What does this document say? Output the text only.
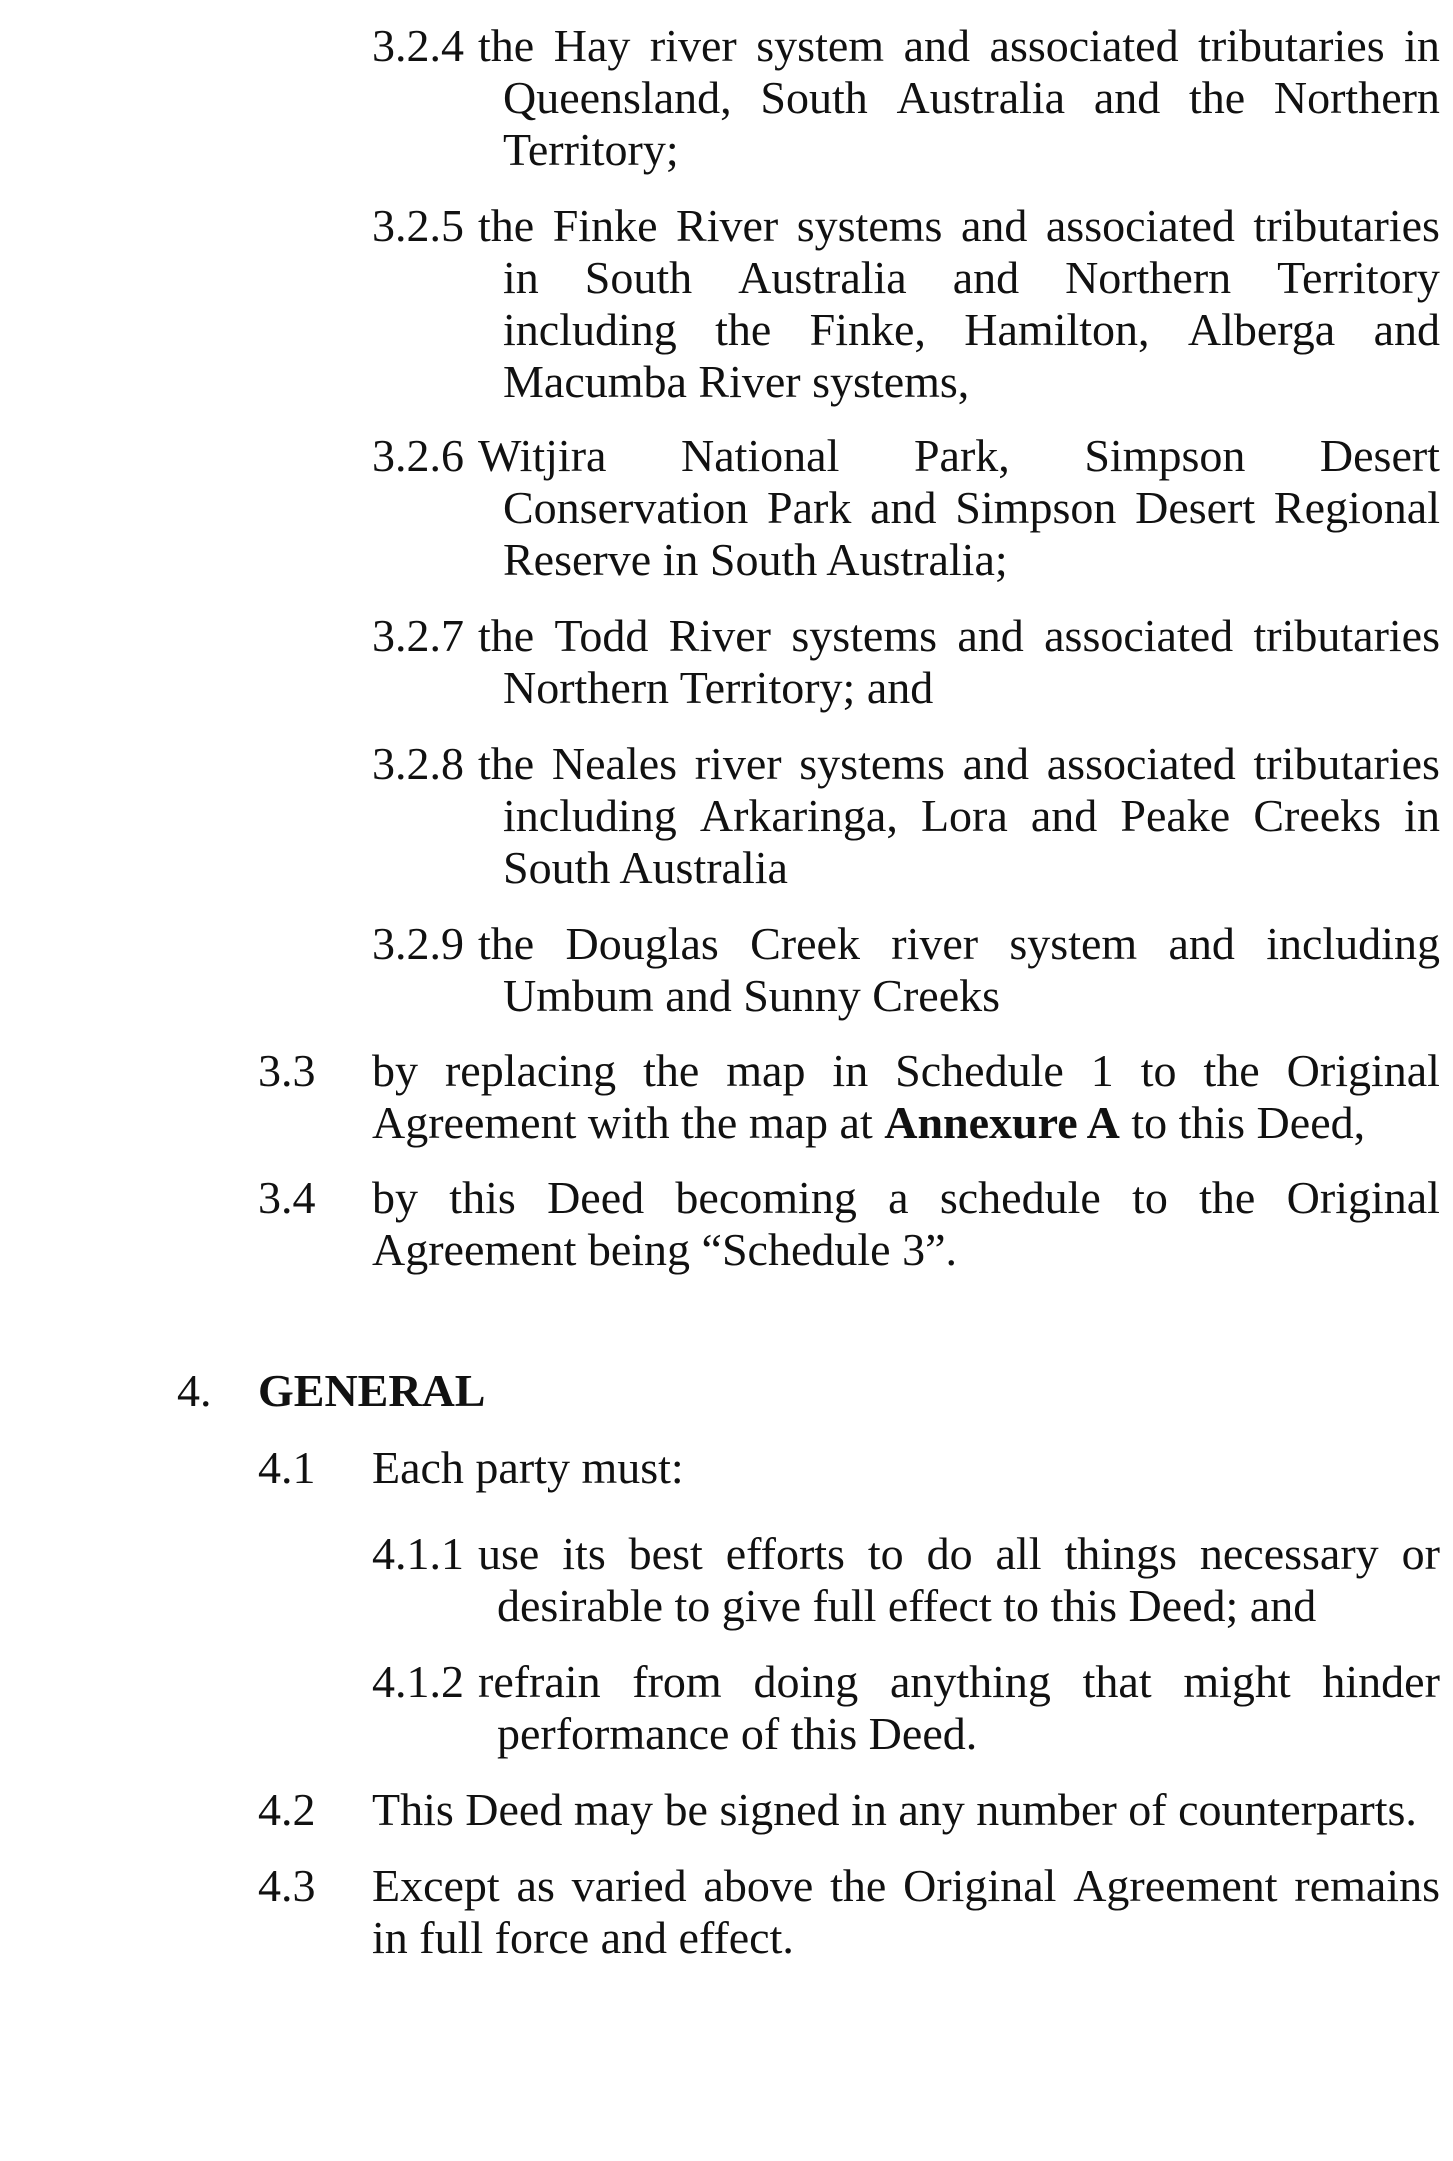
3.2.4 the Hay river system and associated tributaries in
Queensland, South Australia and the Northern
Territory;
3.2.5 the Finke River systems and associated tributaries
in South Australia and Northern Territory
including the Finke, Hamilton, Alberga and
Macumba River systems,
3.2.6 Witjira National Park, Simpson Desert
Conservation Park and Simpson Desert Regional
Reserve in South Australia;
3.2.7 the Todd River systems and associated tributaries
Northern Territory; and
3.2.8 the Neales river systems and associated tributaries
including Arkaringa, Lora and Peake Creeks in
South Australia
3.2.9 the Douglas Creek river system and including
Umbum and Sunny Creeks
3.3 by replacing the map in Schedule 1 to the Original
Agreement with the map at Annexure A to this Deed,
3.4 by this Deed becoming a schedule to the Original
Agreement being “Schedule 3”.
4. GENERAL
4.1 Each party must:
4.1.1 use its best efforts to do all things necessary or
desirable to give full effect to this Deed; and
4.1.2 refrain from doing anything that might hinder
performance of this Deed.
4.2 This Deed may be signed in any number of counterparts.
4.3 Except as varied above the Original Agreement remains
in full force and effect.
